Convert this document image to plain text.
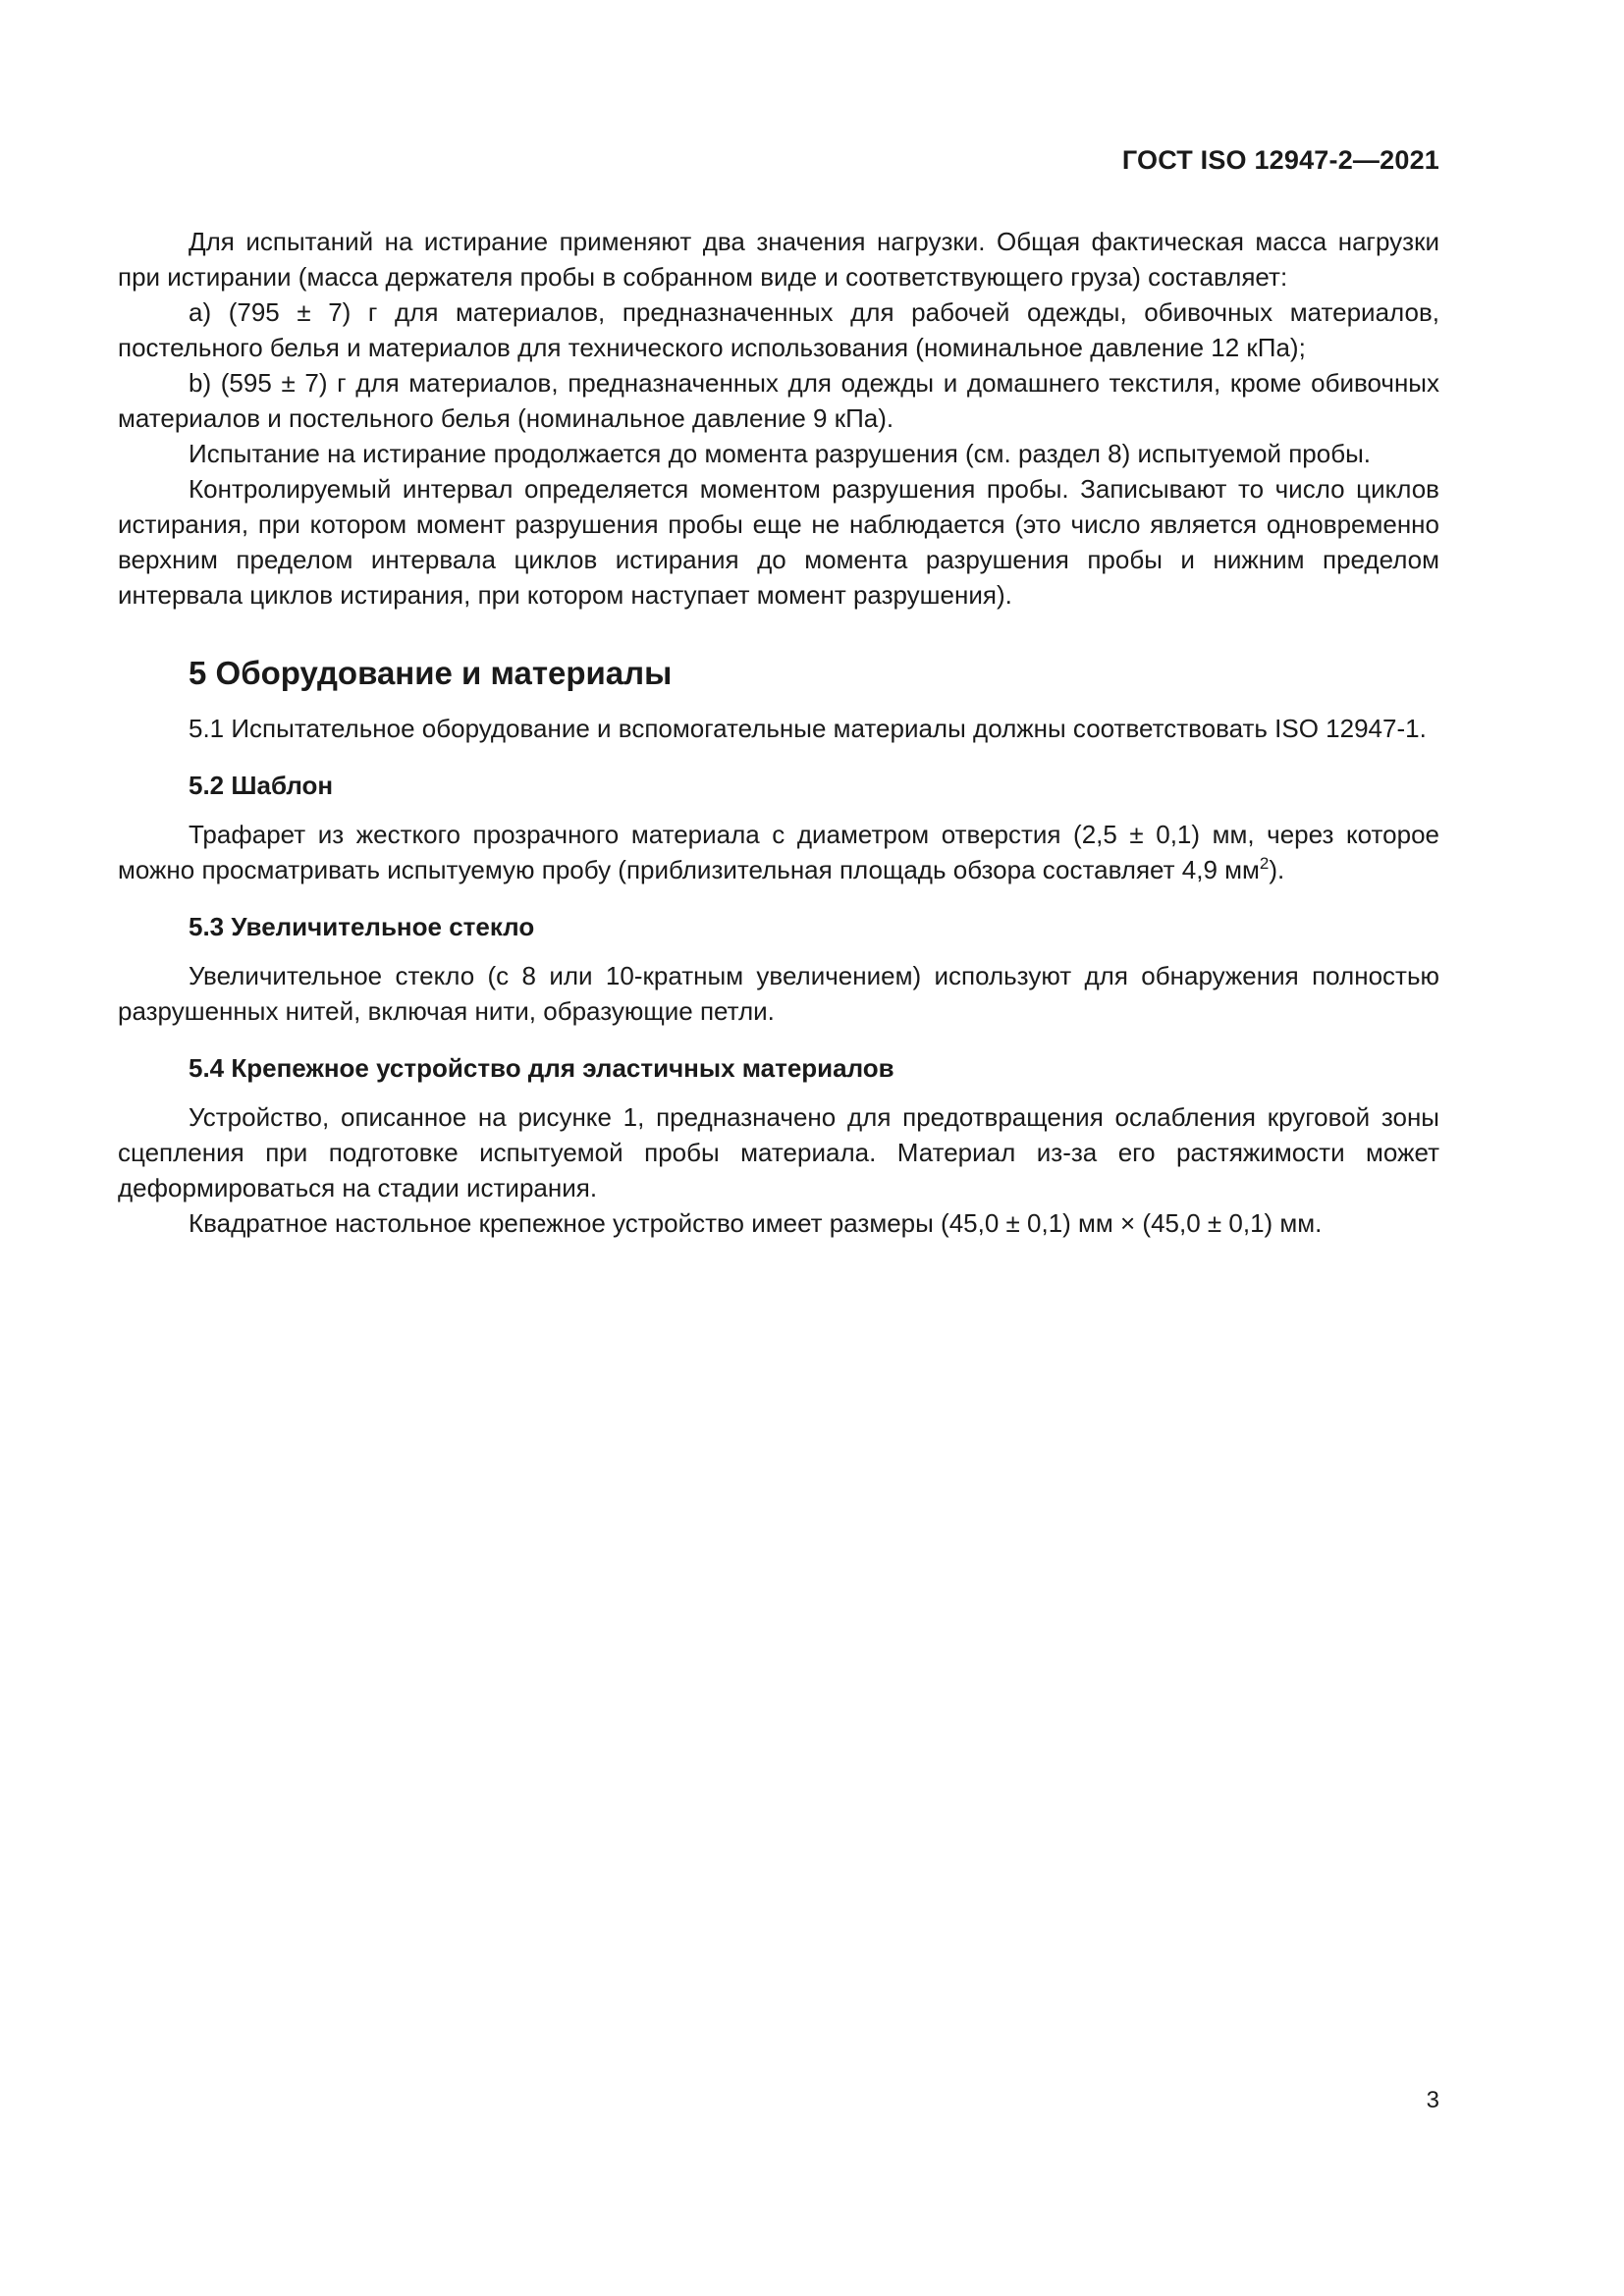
ГОСТ ISO 12947-2—2021

Для испытаний на истирание применяют два значения нагрузки. Общая фактическая масса нагрузки при истирании (масса держателя пробы в собранном виде и соответствующего груза) составляет:

а) (795 ± 7) г для материалов, предназначенных для рабочей одежды, обивочных материалов, постельного белья и материалов для технического использования (номинальное давление 12 кПа);

b) (595 ± 7) г для материалов, предназначенных для одежды и домашнего текстиля, кроме обивочных материалов и постельного белья (номинальное давление 9 кПа).

Испытание на истирание продолжается до момента разрушения (см. раздел 8) испытуемой пробы.

Контролируемый интервал определяется моментом разрушения пробы. Записывают то число циклов истирания, при котором момент разрушения пробы еще не наблюдается (это число является одновременно верхним пределом интервала циклов истирания до момента разрушения пробы и нижним пределом интервала циклов истирания, при котором наступает момент разрушения).

5 Оборудование и материалы

5.1 Испытательное оборудование и вспомогательные материалы должны соответствовать ISO 12947-1.

5.2 Шаблон

Трафарет из жесткого прозрачного материала с диаметром отверстия (2,5 ± 0,1) мм, через которое можно просматривать испытуемую пробу (приблизительная площадь обзора составляет 4,9 $мм^2$).

5.3 Увеличительное стекло

Увеличительное стекло (с 8 или 10-кратным увеличением) используют для обнаружения полностью разрушенных нитей, включая нити, образующие петли.

5.4 Крепежное устройство для эластичных материалов

Устройство, описанное на рисунке 1, предназначено для предотвращения ослабления круговой зоны сцепления при подготовке испытуемой пробы материала. Материал из-за его растяжимости может деформироваться на стадии истирания.

Квадратное настольное крепежное устройство имеет размеры (45,0 ± 0,1) мм × (45,0 ± 0,1) мм.

3
